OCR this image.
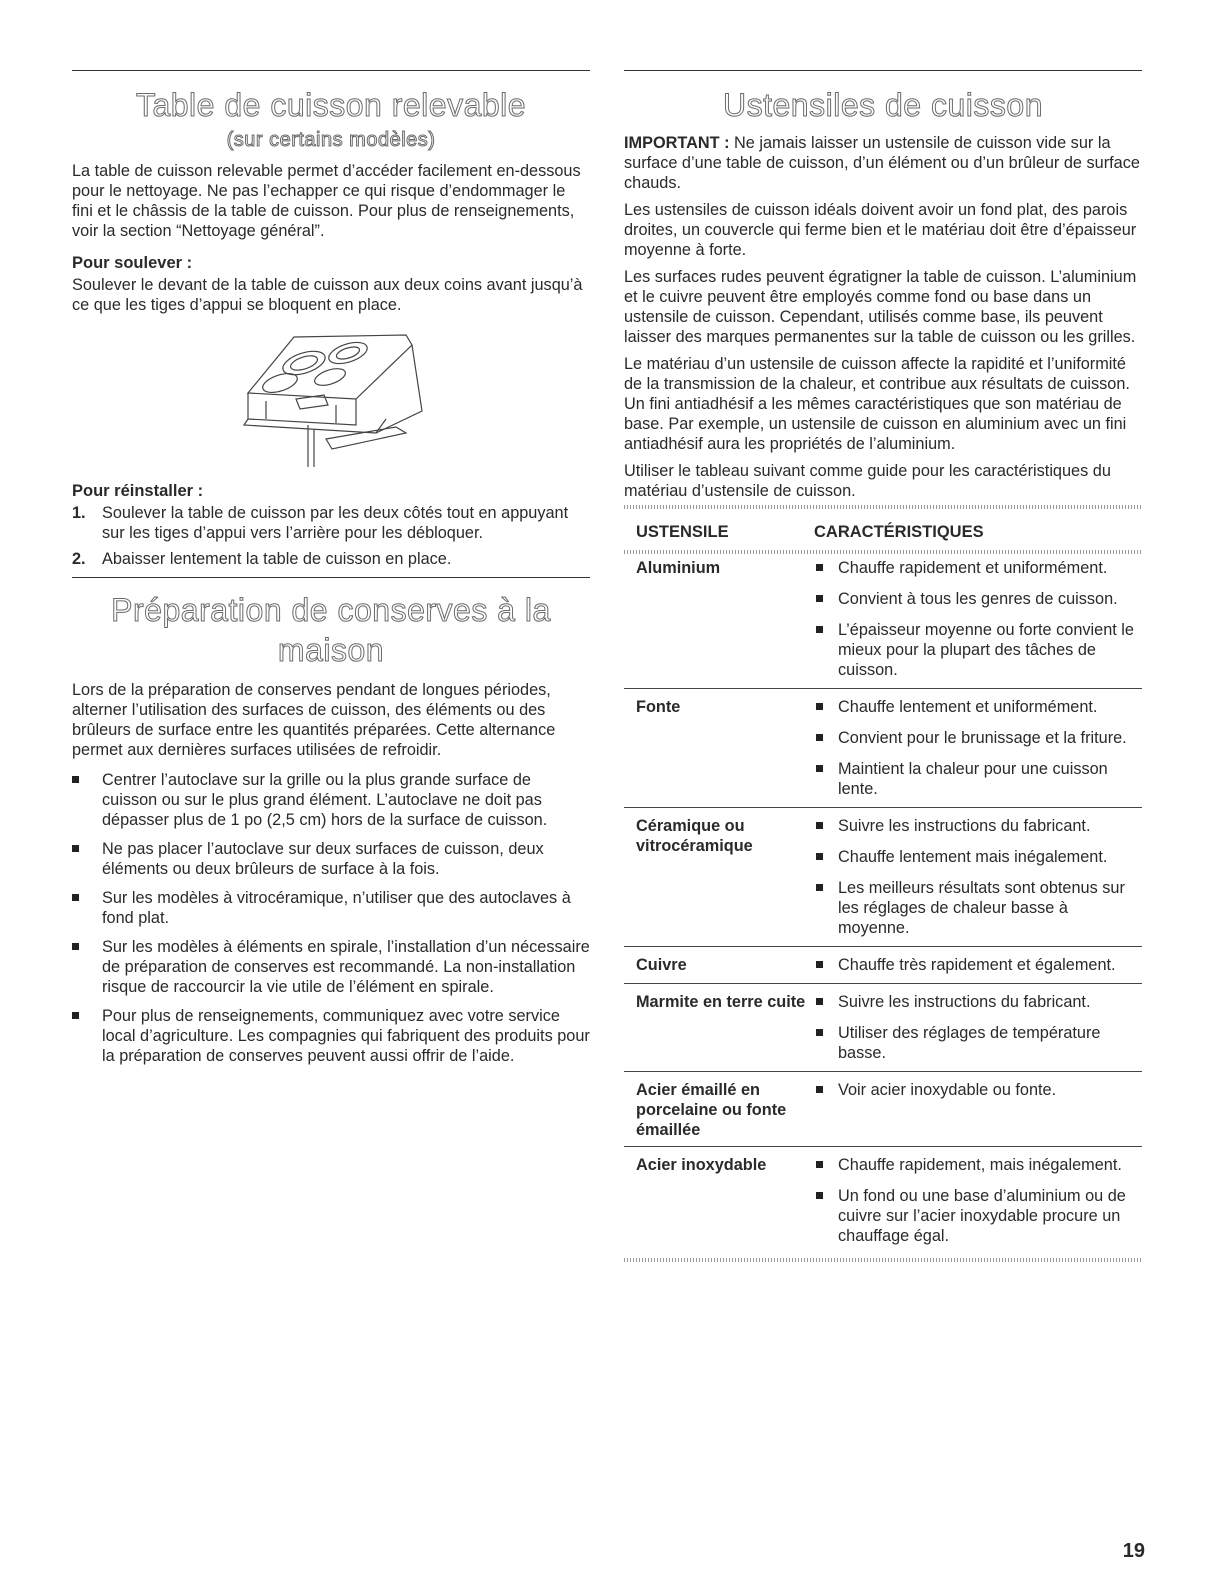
Table de cuisson relevable
(sur certains modèles)

La table de cuisson relevable permet d’accéder facilement en-dessous pour le nettoyage. Ne pas l’echapper ce qui risque d’endommager le fini et le châssis de la table de cuisson. Pour plus de renseignements, voir la section “Nettoyage général”.

Pour soulever :

Soulever le devant de la table de cuisson aux deux coins avant jusqu’à ce que les tiges d’appui se bloquent en place.

Pour réinstaller :
1. Soulever la table de cuisson par les deux côtés tout en appuyant sur les tiges d’appui vers l’arrière pour les débloquer.
2. Abaisser lentement la table de cuisson en place.
Préparation de conserves à la maison

Lors de la préparation de conserves pendant de longues périodes, alterner l’utilisation des surfaces de cuisson, des éléments ou des brûleurs de surface entre les quantités préparées. Cette alternance permet aux dernières surfaces utilisées de refroidir.

Centrer l’autoclave sur la grille ou la plus grande surface de cuisson ou sur le plus grand élément. L’autoclave ne doit pas dépasser plus de 1 po (2,5 cm) hors de la surface de cuisson.
Ne pas placer l’autoclave sur deux surfaces de cuisson, deux éléments ou deux brûleurs de surface à la fois.
Sur les modèles à vitrocéramique, n’utiliser que des autoclaves à fond plat.
Sur les modèles à éléments en spirale, l’installation d’un nécessaire de préparation de conserves est recommandé. La non-installation risque de raccourcir la vie utile de l’élément en spirale.
Pour plus de renseignements, communiquez avec votre service local d’agriculture. Les compagnies qui fabriquent des produits pour la préparation de conserves peuvent aussi offrir de l’aide.
Ustensiles de cuisson

IMPORTANT : Ne jamais laisser un ustensile de cuisson vide sur la surface d’une table de cuisson, d’un élément ou d’un brûleur de surface chauds.

Les ustensiles de cuisson idéals doivent avoir un fond plat, des parois droites, un couvercle qui ferme bien et le matériau doit être d’épaisseur moyenne à forte.

Les surfaces rudes peuvent égratigner la table de cuisson. L’aluminium et le cuivre peuvent être employés comme fond ou base dans un ustensile de cuisson. Cependant, utilisés comme base, ils peuvent laisser des marques permanentes sur la table de cuisson ou les grilles.

Le matériau d’un ustensile de cuisson affecte la rapidité et l’uniformité de la transmission de la chaleur, et contribue aux résultats de cuisson. Un fini antiadhésif a les mêmes caractéristiques que son matériau de base. Par exemple, un ustensile de cuisson en aluminium avec un fini antiadhésif aura les propriétés de l’aluminium.

Utiliser le tableau suivant comme guide pour les caractéristiques du matériau d’ustensile de cuisson.

USTENSILE	CARACTÉRISTIQUES
Aluminium	Chauffe rapidement et uniformément.
Convient à tous les genres de cuisson.
L’épaisseur moyenne ou forte convient le mieux pour la plupart des tâches de cuisson.

Fonte	Chauffe lentement et uniformément.
Convient pour le brunissage et la friture.
Maintient la chaleur pour une cuisson lente.

Céramique ou vitrocéramique	Suivre les instructions du fabricant.
Chauffe lentement mais inégalement.
Les meilleurs résultats sont obtenus sur les réglages de chaleur basse à moyenne.

Cuivre	Chauffe très rapidement et également.

Marmite en terre cuite	Suivre les instructions du fabricant.
Utiliser des réglages de température basse.

Acier émaillé en porcelaine ou fonte émaillée	Voir acier inoxydable ou fonte.

Acier inoxydable	Chauffe rapidement, mais inégalement.
Un fond ou une base d’aluminium ou de cuivre sur l’acier inoxydable procure un chauffage égal.
19
